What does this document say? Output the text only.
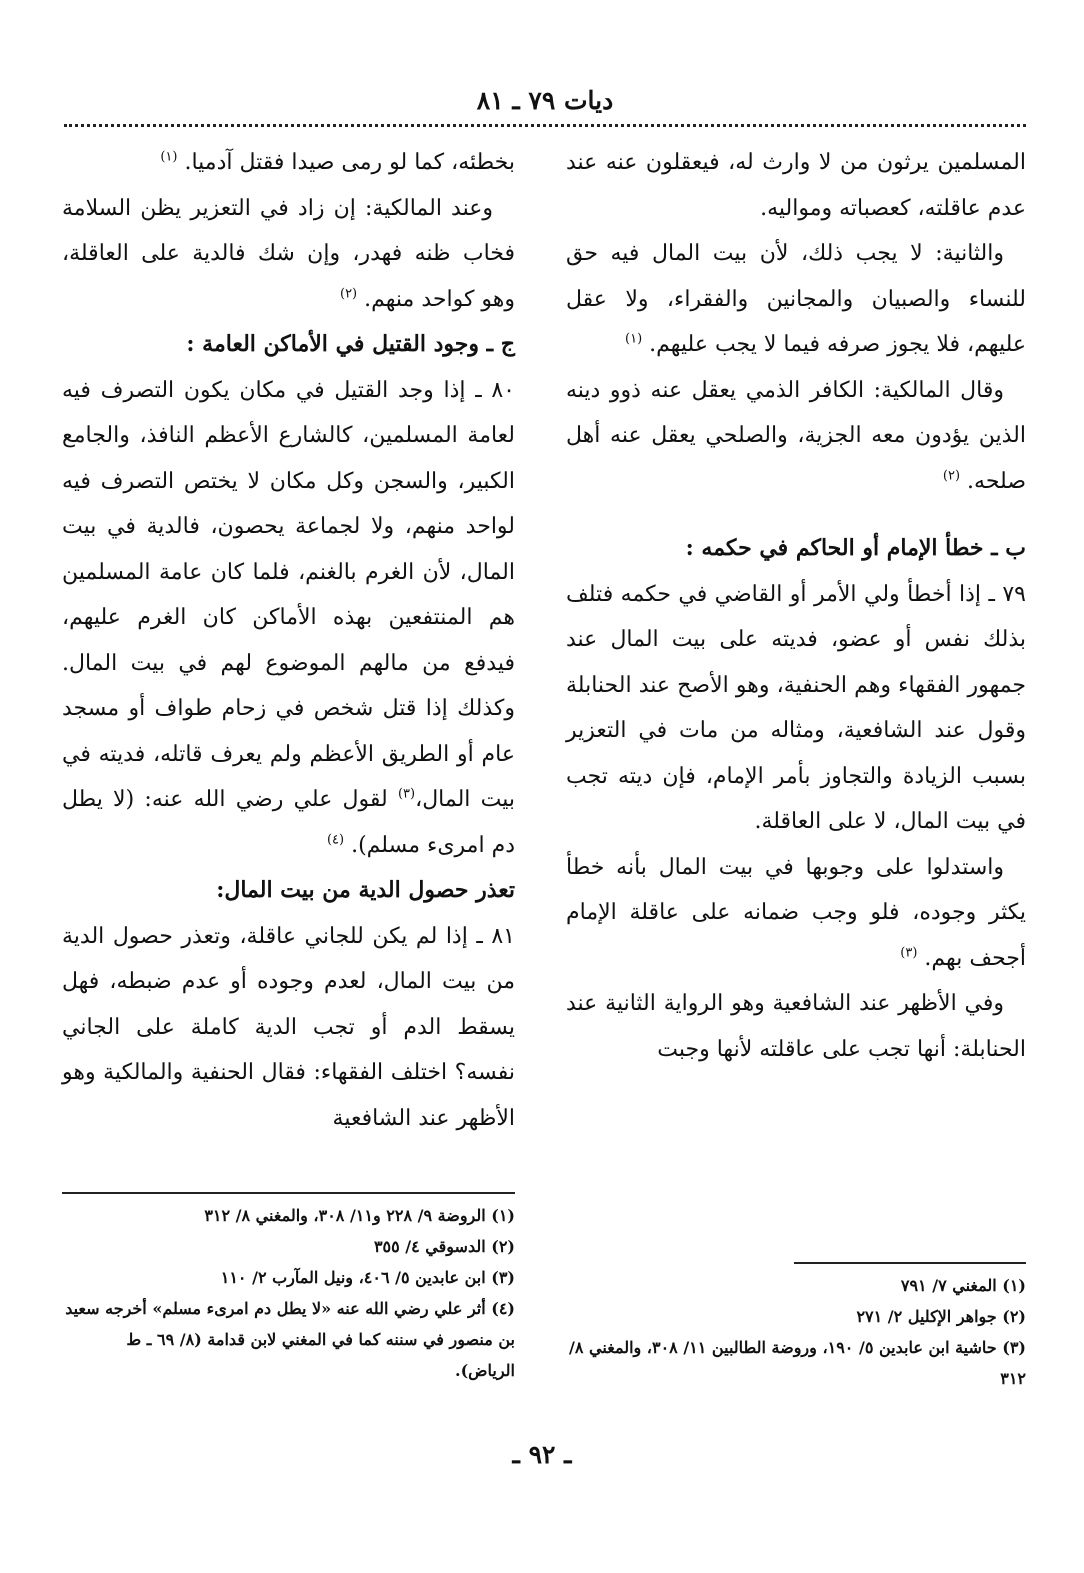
ديات ٧٩ ـ ٨١

المسلمين يرثون من لا وارث له، فيعقلون عنه عند عدم عاقلته، كعصباته ومواليه.

والثانية: لا يجب ذلك، لأن بيت المال فيه حق للنساء والصبيان والمجانين والفقراء، ولا عقل عليهم، فلا يجوز صرفه فيما لا يجب عليهم. $^{(١)}$

وقال المالكية: الكافر الذمي يعقل عنه ذوو دينه الذين يؤدون معه الجزية، والصلحي يعقل عنه أهل صلحه. $^{(٢)}$

ب ـ خطأ الإمام أو الحاكم في حكمه :

٧٩ ـ إذا أخطأ ولي الأمر أو القاضي في حكمه فتلف بذلك نفس أو عضو، فديته على بيت المال عند جمهور الفقهاء وهم الحنفية، وهو الأصح عند الحنابلة وقول عند الشافعية، ومثاله من مات في التعزير بسبب الزيادة والتجاوز بأمر الإمام، فإن ديته تجب في بيت المال، لا على العاقلة.

واستدلوا على وجوبها في بيت المال بأنه خطأ يكثر وجوده، فلو وجب ضمانه على عاقلة الإمام أجحف بهم. $^{(٣)}$

وفي الأظهر عند الشافعية وهو الرواية الثانية عند الحنابلة: أنها تجب على عاقلته لأنها وجبت

(١) المغني ٧/ ٧٩١

(٢) جواهر الإكليل ٢/ ٢٧١

(٣) حاشية ابن عابدين ٥/ ١٩٠، وروضة الطالبين ١١/ ٣٠٨، والمغني ٨/ ٣١٢

بخطئه، كما لو رمى صيدا فقتل آدميا. $^{(١)}$

وعند المالكية: إن زاد في التعزير يظن السلامة فخاب ظنه فهدر، وإن شك فالدية على العاقلة، وهو كواحد منهم. $^{(٢)}$

ج ـ وجود القتيل في الأماكن العامة :

٨٠ ـ إذا وجد القتيل في مكان يكون التصرف فيه لعامة المسلمين، كالشارع الأعظم النافذ، والجامع الكبير، والسجن وكل مكان لا يختص التصرف فيه لواحد منهم، ولا لجماعة يحصون، فالدية في بيت المال، لأن الغرم بالغنم، فلما كان عامة المسلمين هم المنتفعين بهذه الأماكن كان الغرم عليهم، فيدفع من مالهم الموضوع لهم في بيت المال. وكذلك إذا قتل شخص في زحام طواف أو مسجد عام أو الطريق الأعظم ولم يعرف قاتله، فديته في بيت المال،$^{(٣)}$ لقول علي رضي الله عنه: (لا يطل دم امرىء مسلم). $^{(٤)}$

تعذر حصول الدية من بيت المال:

٨١ ـ إذا لم يكن للجاني عاقلة، وتعذر حصول الدية من بيت المال، لعدم وجوده أو عدم ضبطه، فهل يسقط الدم أو تجب الدية كاملة على الجاني نفسه؟ اختلف الفقهاء: فقال الحنفية والمالكية وهو الأظهر عند الشافعية

(١) الروضة ٩/ ٢٢٨ و١١/ ٣٠٨، والمغني ٨/ ٣١٢

(٢) الدسوقي ٤/ ٣٥٥

(٣) ابن عابدين ٥/ ٤٠٦، ونيل المآرب ٢/ ١١٠

(٤) أثر علي رضي الله عنه «لا يطل دم امرىء مسلم» أخرجه سعيد بن منصور في سننه كما في المغني لابن قدامة (٨/ ٦٩ ـ ط الرياض).

ـ ٩٢ ـ
